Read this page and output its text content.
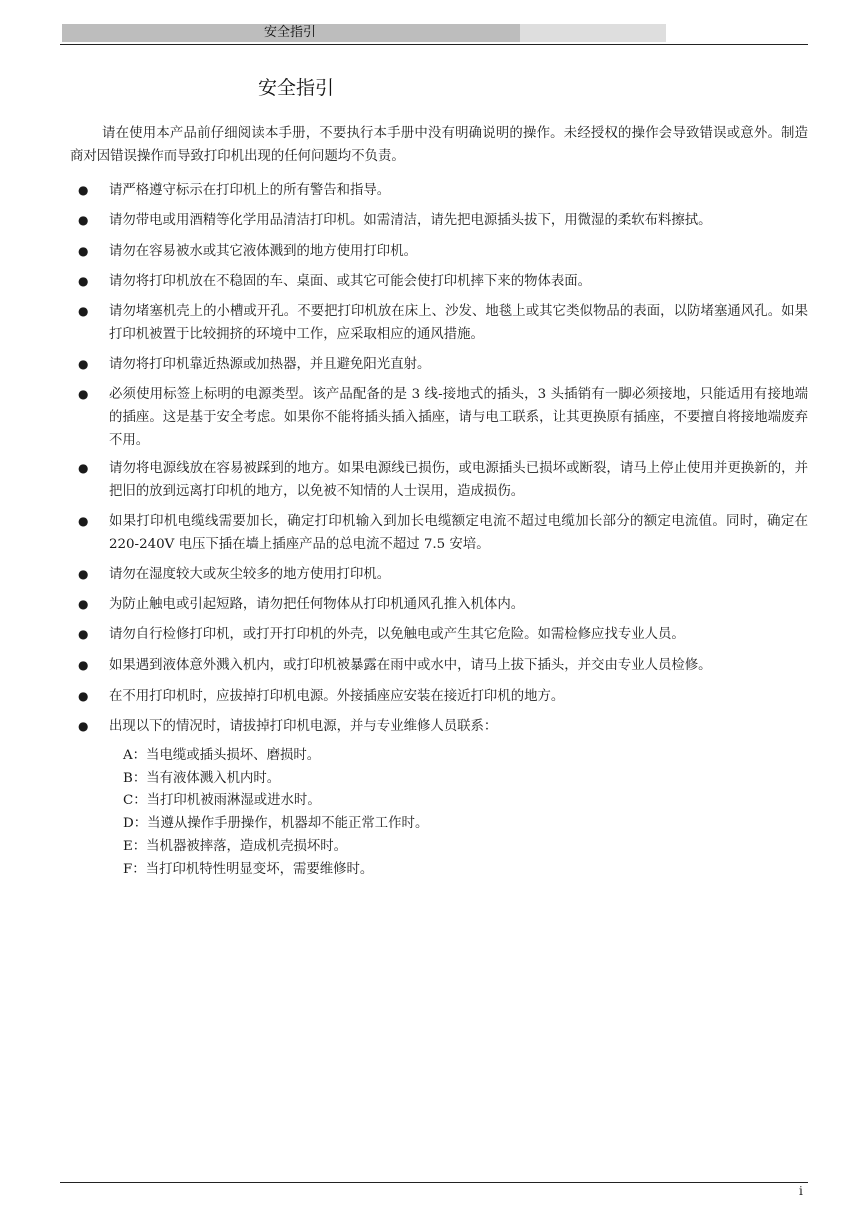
安全指引
安全指引

请在使用本产品前仔细阅读本手册，不要执行本手册中没有明确说明的操作。未经授权的操作会导致错误或意外。制造商对因错误操作而导致打印机出现的任何问题均不负责。

● 请严格遵守标示在打印机上的所有警告和指导。

● 请勿带电或用酒精等化学用品清洁打印机。如需清洁，请先把电源插头拔下，用微湿的柔软布料擦拭。

● 请勿在容易被水或其它液体溅到的地方使用打印机。

● 请勿将打印机放在不稳固的车、桌面、或其它可能会使打印机摔下来的物体表面。

● 请勿堵塞机壳上的小槽或开孔。不要把打印机放在床上、沙发、地毯上或其它类似物品的表面，以防堵塞通风孔。如果打印机被置于比较拥挤的环境中工作，应采取相应的通风措施。

● 请勿将打印机靠近热源或加热器，并且避免阳光直射。

● 必须使用标签上标明的电源类型。该产品配备的是 3 线-接地式的插头，3 头插销有一脚必须接地，只能适用有接地端的插座。这是基于安全考虑。如果你不能将插头插入插座，请与电工联系，让其更换原有插座，不要擅自将接地端废弃不用。

● 请勿将电源线放在容易被踩到的地方。如果电源线已损伤，或电源插头已损坏或断裂，请马上停止使用并更换新的，并把旧的放到远离打印机的地方，以免被不知情的人士误用，造成损伤。

● 如果打印机电缆线需要加长，确定打印机输入到加长电缆额定电流不超过电缆加长部分的额定电流值。同时，确定在 220-240V 电压下插在墙上插座产品的总电流不超过 7.5 安培。

● 请勿在湿度较大或灰尘较多的地方使用打印机。

● 为防止触电或引起短路，请勿把任何物体从打印机通风孔推入机体内。

● 请勿自行检修打印机，或打开打印机的外壳，以免触电或产生其它危险。如需检修应找专业人员。

● 如果遇到液体意外溅入机内，或打印机被暴露在雨中或水中，请马上拔下插头，并交由专业人员检修。

● 在不用打印机时，应拔掉打印机电源。外接插座应安装在接近打印机的地方。

● 出现以下的情况时，请拔掉打印机电源，并与专业维修人员联系：

A：当电缆或插头损坏、磨损时。

B：当有液体溅入机内时。

C：当打印机被雨淋湿或进水时。

D：当遵从操作手册操作，机器却不能正常工作时。

E：当机器被摔落，造成机壳损坏时。

F：当打印机特性明显变坏，需要维修时。

i
